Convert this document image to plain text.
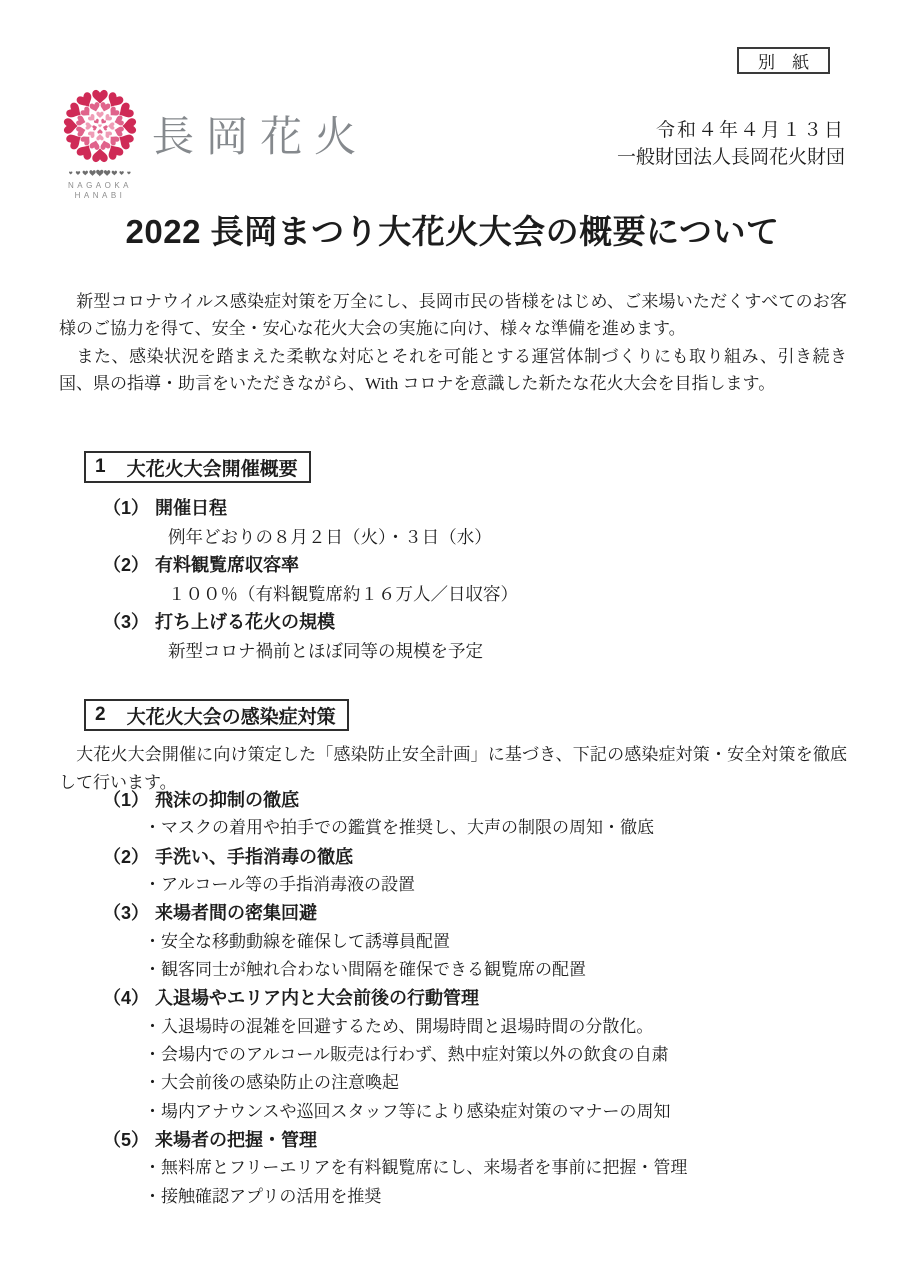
別　紙
NAGAOKA
HANABI
長岡花火	令和４年４月１３日
一般財団法人長岡花火財団
2022 長岡まつり大花火大会の概要について

　新型コロナウイルス感染症対策を万全にし、長岡市民の皆様をはじめ、ご来場いただくすべてのお客様のご協力を得て、安全・安心な花火大会の実施に向け、様々な準備を進めます。

　また、感染状況を踏まえた柔軟な対応とそれを可能とする運営体制づくりにも取り組み、引き続き国、県の指導・助言をいただきながら、With コロナを意識した新たな花火大会を目指します。

1 大花火大会開催概要
（1） 開催日程
例年どおりの８月２日（火）・３日（水）
（2） 有料観覧席収容率
１００％（有料観覧席約１６万人／日収容）
（3） 打ち上げる花火の規模
新型コロナ禍前とほぼ同等の規模を予定
2 大花火大会の感染症対策

　大花火大会開催に向け策定した「感染防止安全計画」に基づき、下記の感染症対策・安全対策を徹底して行います。

（1） 飛沫の抑制の徹底
・マスクの着用や拍手での鑑賞を推奨し、大声の制限の周知・徹底
（2） 手洗い、手指消毒の徹底
・アルコール等の手指消毒液の設置
（3） 来場者間の密集回避
・安全な移動動線を確保して誘導員配置
・観客同士が触れ合わない間隔を確保できる観覧席の配置
（4） 入退場やエリア内と大会前後の行動管理
・入退場時の混雑を回避するため、開場時間と退場時間の分散化。
・会場内でのアルコール販売は行わず、熱中症対策以外の飲食の自粛
・大会前後の感染防止の注意喚起
・場内アナウンスや巡回スタッフ等により感染症対策のマナーの周知
（5） 来場者の把握・管理
・無料席とフリーエリアを有料観覧席にし、来場者を事前に把握・管理
・接触確認アプリの活用を推奨
